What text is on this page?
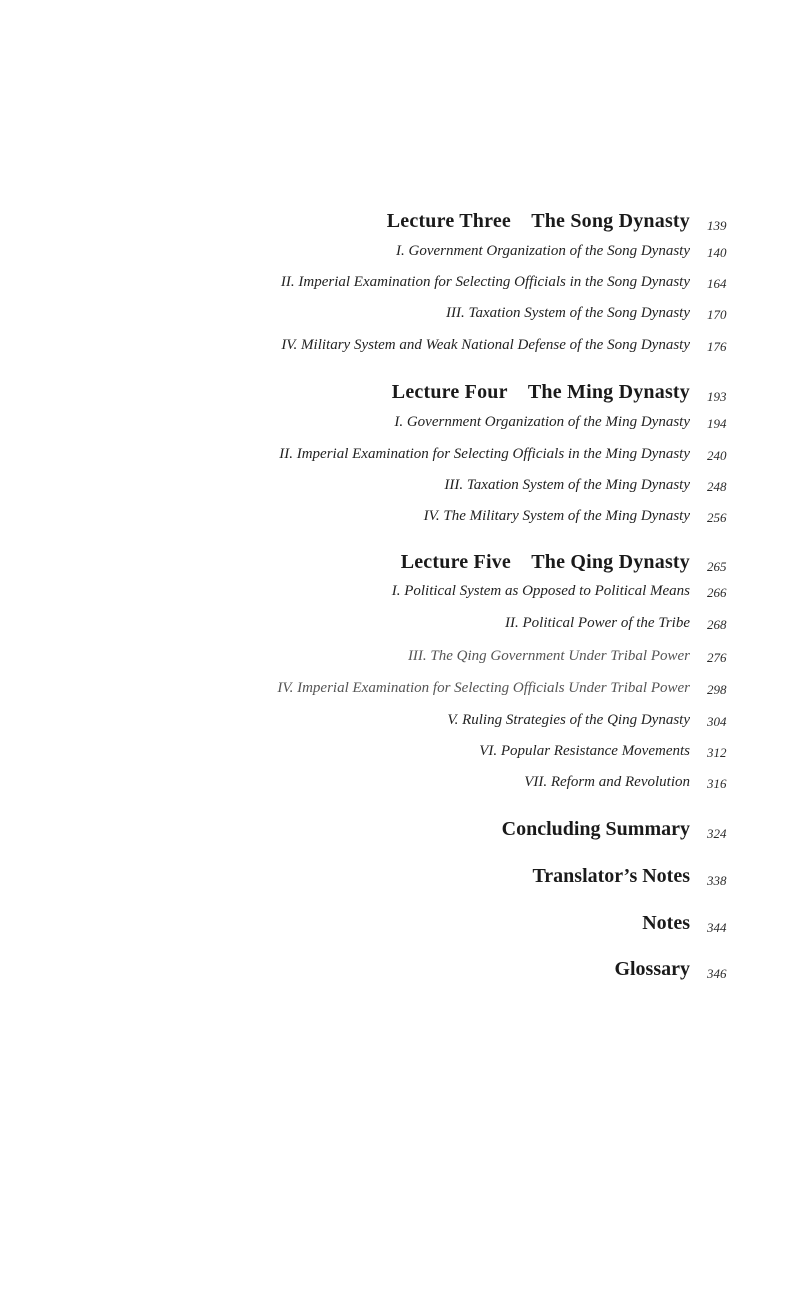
Lecture Three The Song Dynasty 139
I. Government Organization of the Song Dynasty 140
II. Imperial Examination for Selecting Officials in the Song Dynasty 164
III. Taxation System of the Song Dynasty 170
IV. Military System and Weak National Defense of the Song Dynasty 176
Lecture Four The Ming Dynasty 193
I. Government Organization of the Ming Dynasty 194
II. Imperial Examination for Selecting Officials in the Ming Dynasty 240
III. Taxation System of the Ming Dynasty 248
IV. The Military System of the Ming Dynasty 256
Lecture Five The Qing Dynasty 265
I. Political System as Opposed to Political Means 266
II. Political Power of the Tribe 268
III. The Qing Government Under Tribal Power 276
IV. Imperial Examination for Selecting Officials Under Tribal Power 298
V. Ruling Strategies of the Qing Dynasty 304
VI. Popular Resistance Movements 312
VII. Reform and Revolution 316
Concluding Summary 324
Translator’s Notes 338
Notes 344
Glossary 346
